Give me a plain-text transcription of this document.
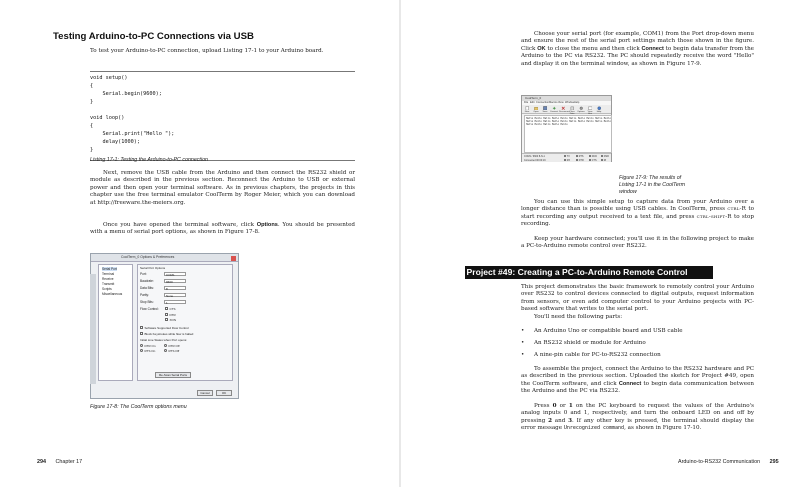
Testing Arduino-to-PC Connections via USB
To test your Arduino-to-PC connection, upload Listing 17-1 to your Arduino board.
void setup()
{
Serial.begin(9600);
}
void loop()
{
Serial.print("Hello ");
delay(1000);
}
Listing 17-1: Testing the Arduino-to-PC connection
Next, remove the USB cable from the Arduino and then connect the RS232 shield or module as described in the previous section. Reconnect the Arduino to USB or external power and then open your terminal software. As in previous chapters, the projects in this chapter use the free terminal emulator CoolTerm by Roger Meier, which you can download at http://freeware.the-meiers.org.
Once you have opened the terminal software, click Options. You should be presented with a menu of serial port options, as shown in Figure 17-8.
CoolTerm_0 Options & Preferences
Serial Port
Terminal
Receive
Transmit
Scripts
Miscellaneous
Serial Port Options
Port:	COM1
Baudrate:	9600
Data Bits:	8
Parity:	None
Stop Bits:	1
Flow Control:	CTS
DTR
XON
Software Supported Flow Control
Block Keystrokes while flow is halted
Initial Line States when Port opens:
DTR On	DTR Off
RTS On	RTS Off
Re-Scan Serial Ports
Cancel	OK
Figure 17-8: The CoolTerm options menu
294 Chapter 17
Choose your serial port (for example, COM1) from the Port drop-down menu and ensure the rest of the serial port settings match those shown in the figure. Click OK to close the menu and then click Connect to begin data transfer from the Arduino to the PC via RS232. The PC should repeatedly receive the word "Hello" and display it on the terminal window, as shown in Figure 17-9.
CoolTerm_0
File Edit Connection Macros View Window Help
New	Open	Save	Connect Disconnect Clear	Options	View	Help
Hello Hello Hello Hello Hello Hello Hello Hello Hello Hello Hello Hello Hello Hello Hello Hello Hello Hello Hello Hello Hello Hello Hello Hello Hello
COM1 / 9600 8-N-1
Connected 00:00:19
TX
RX
RTS
DTR
DCD
CTS
DSR
RI
Figure 17-9: The results of Listing 17-1 in the CoolTerm window
You can use this simple setup to capture data from your Arduino over a longer distance than is possible using USB cables. In CoolTerm, press ctrl-R to start recording any output received to a text file, and press ctrl-shift-R to stop recording.
Keep your hardware connected; you'll use it in the following project to make a PC-to-Arduino remote control over RS232.
Project #49: Creating a PC-to-Arduino Remote Control
This project demonstrates the basic framework to remotely control your Arduino over RS232 to control devices connected to digital outputs, request information from sensors, or even add computer control to your Arduino projects with PC-based software that writes to the serial port.
You'll need the following parts:
• An Arduino Uno or compatible board and USB cable
• An RS232 shield or module for Arduino
• A nine-pin cable for PC-to-RS232 connection
To assemble the project, connect the Arduino to the RS232 hardware and PC as described in the previous section. Uploaded the sketch for Project #49, open the CoolTerm software, and click Connect to begin data communication between the Arduino and the PC via RS232.
Press 0 or 1 on the PC keyboard to request the values of the Arduino's analog inputs 0 and 1, respectively, and turn the onboard LED on and off by pressing 2 and 3. If any other key is pressed, the terminal should display the error message Unrecognized command, as shown in Figure 17-10.
Arduino-to-RS232 Communication 295
